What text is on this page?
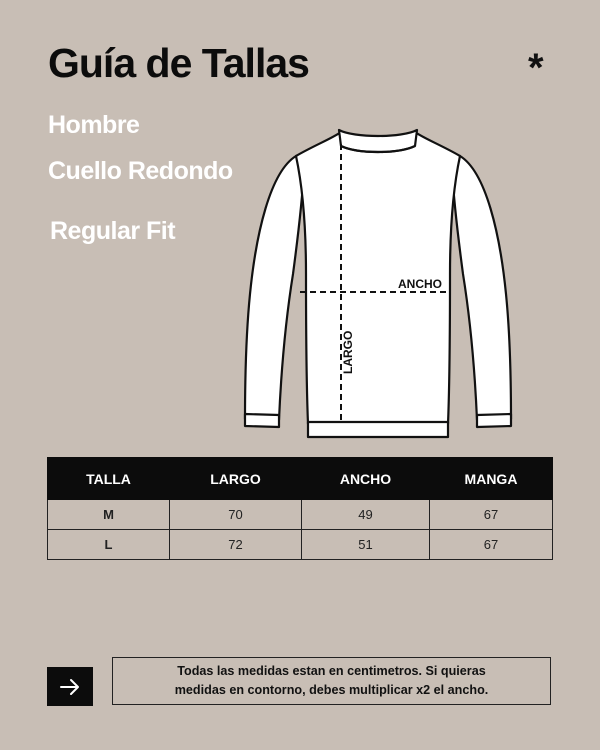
Guía de Tallas	*
Hombre
Cuello Redondo
Regular Fit
ANCHO
LARGO
TALLA	LARGO	ANCHO	MANGA
M	70	49	67
L	72	51	67
Todas las medidas estan en centimetros. Si quieras
medidas en contorno, debes multiplicar x2 el ancho.
